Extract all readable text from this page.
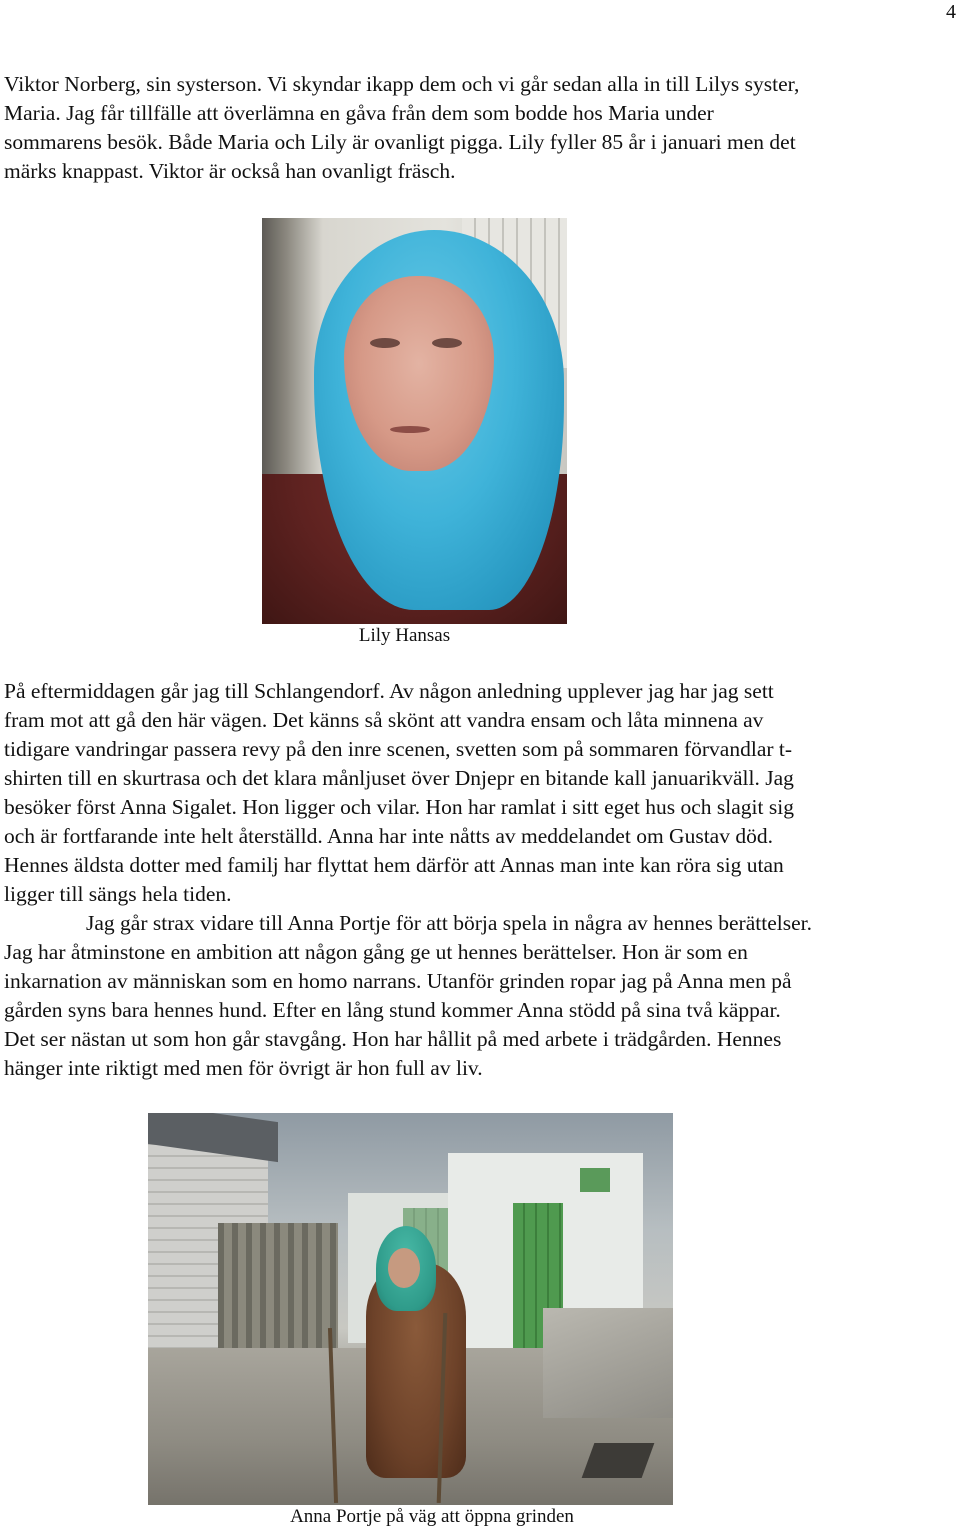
4
Viktor Norberg, sin systerson. Vi skyndar ikapp dem och vi går sedan alla in till Lilys syster,
Maria. Jag får tillfälle att överlämna en gåva från dem som bodde hos Maria under
sommarens besök. Både Maria och Lily är ovanligt pigga. Lily fyller 85 år i januari men det
märks knappast. Viktor är också han ovanligt fräsch.
Lily Hansas
På eftermiddagen går jag till Schlangendorf. Av någon anledning upplever jag har jag sett
fram mot att gå den här vägen. Det känns så skönt att vandra ensam och låta minnena av
tidigare vandringar passera revy på den inre scenen, svetten som på sommaren förvandlar t-
shirten till en skurtrasa och det klara månljuset över Dnjepr en bitande kall januarikväll. Jag
besöker först Anna Sigalet. Hon ligger och vilar. Hon har ramlat i sitt eget hus och slagit sig
och är fortfarande inte helt återställd. Anna har inte nåtts av meddelandet om Gustav död.
Hennes äldsta dotter med familj har flyttat hem därför att Annas man inte kan röra sig utan
ligger till sängs hela tiden.
Jag går strax vidare till Anna Portje för att börja spela in några av hennes berättelser.
Jag har åtminstone en ambition att någon gång ge ut hennes berättelser. Hon är som en
inkarnation av människan som en homo narrans. Utanför grinden ropar jag på Anna men på
gården syns bara hennes hund. Efter en lång stund kommer Anna stödd på sina två käppar.
Det ser nästan ut som hon går stavgång. Hon har hållit på med arbete i trädgården. Hennes
hänger inte riktigt med men för övrigt är hon full av liv.
Anna Portje på väg att öppna grinden
